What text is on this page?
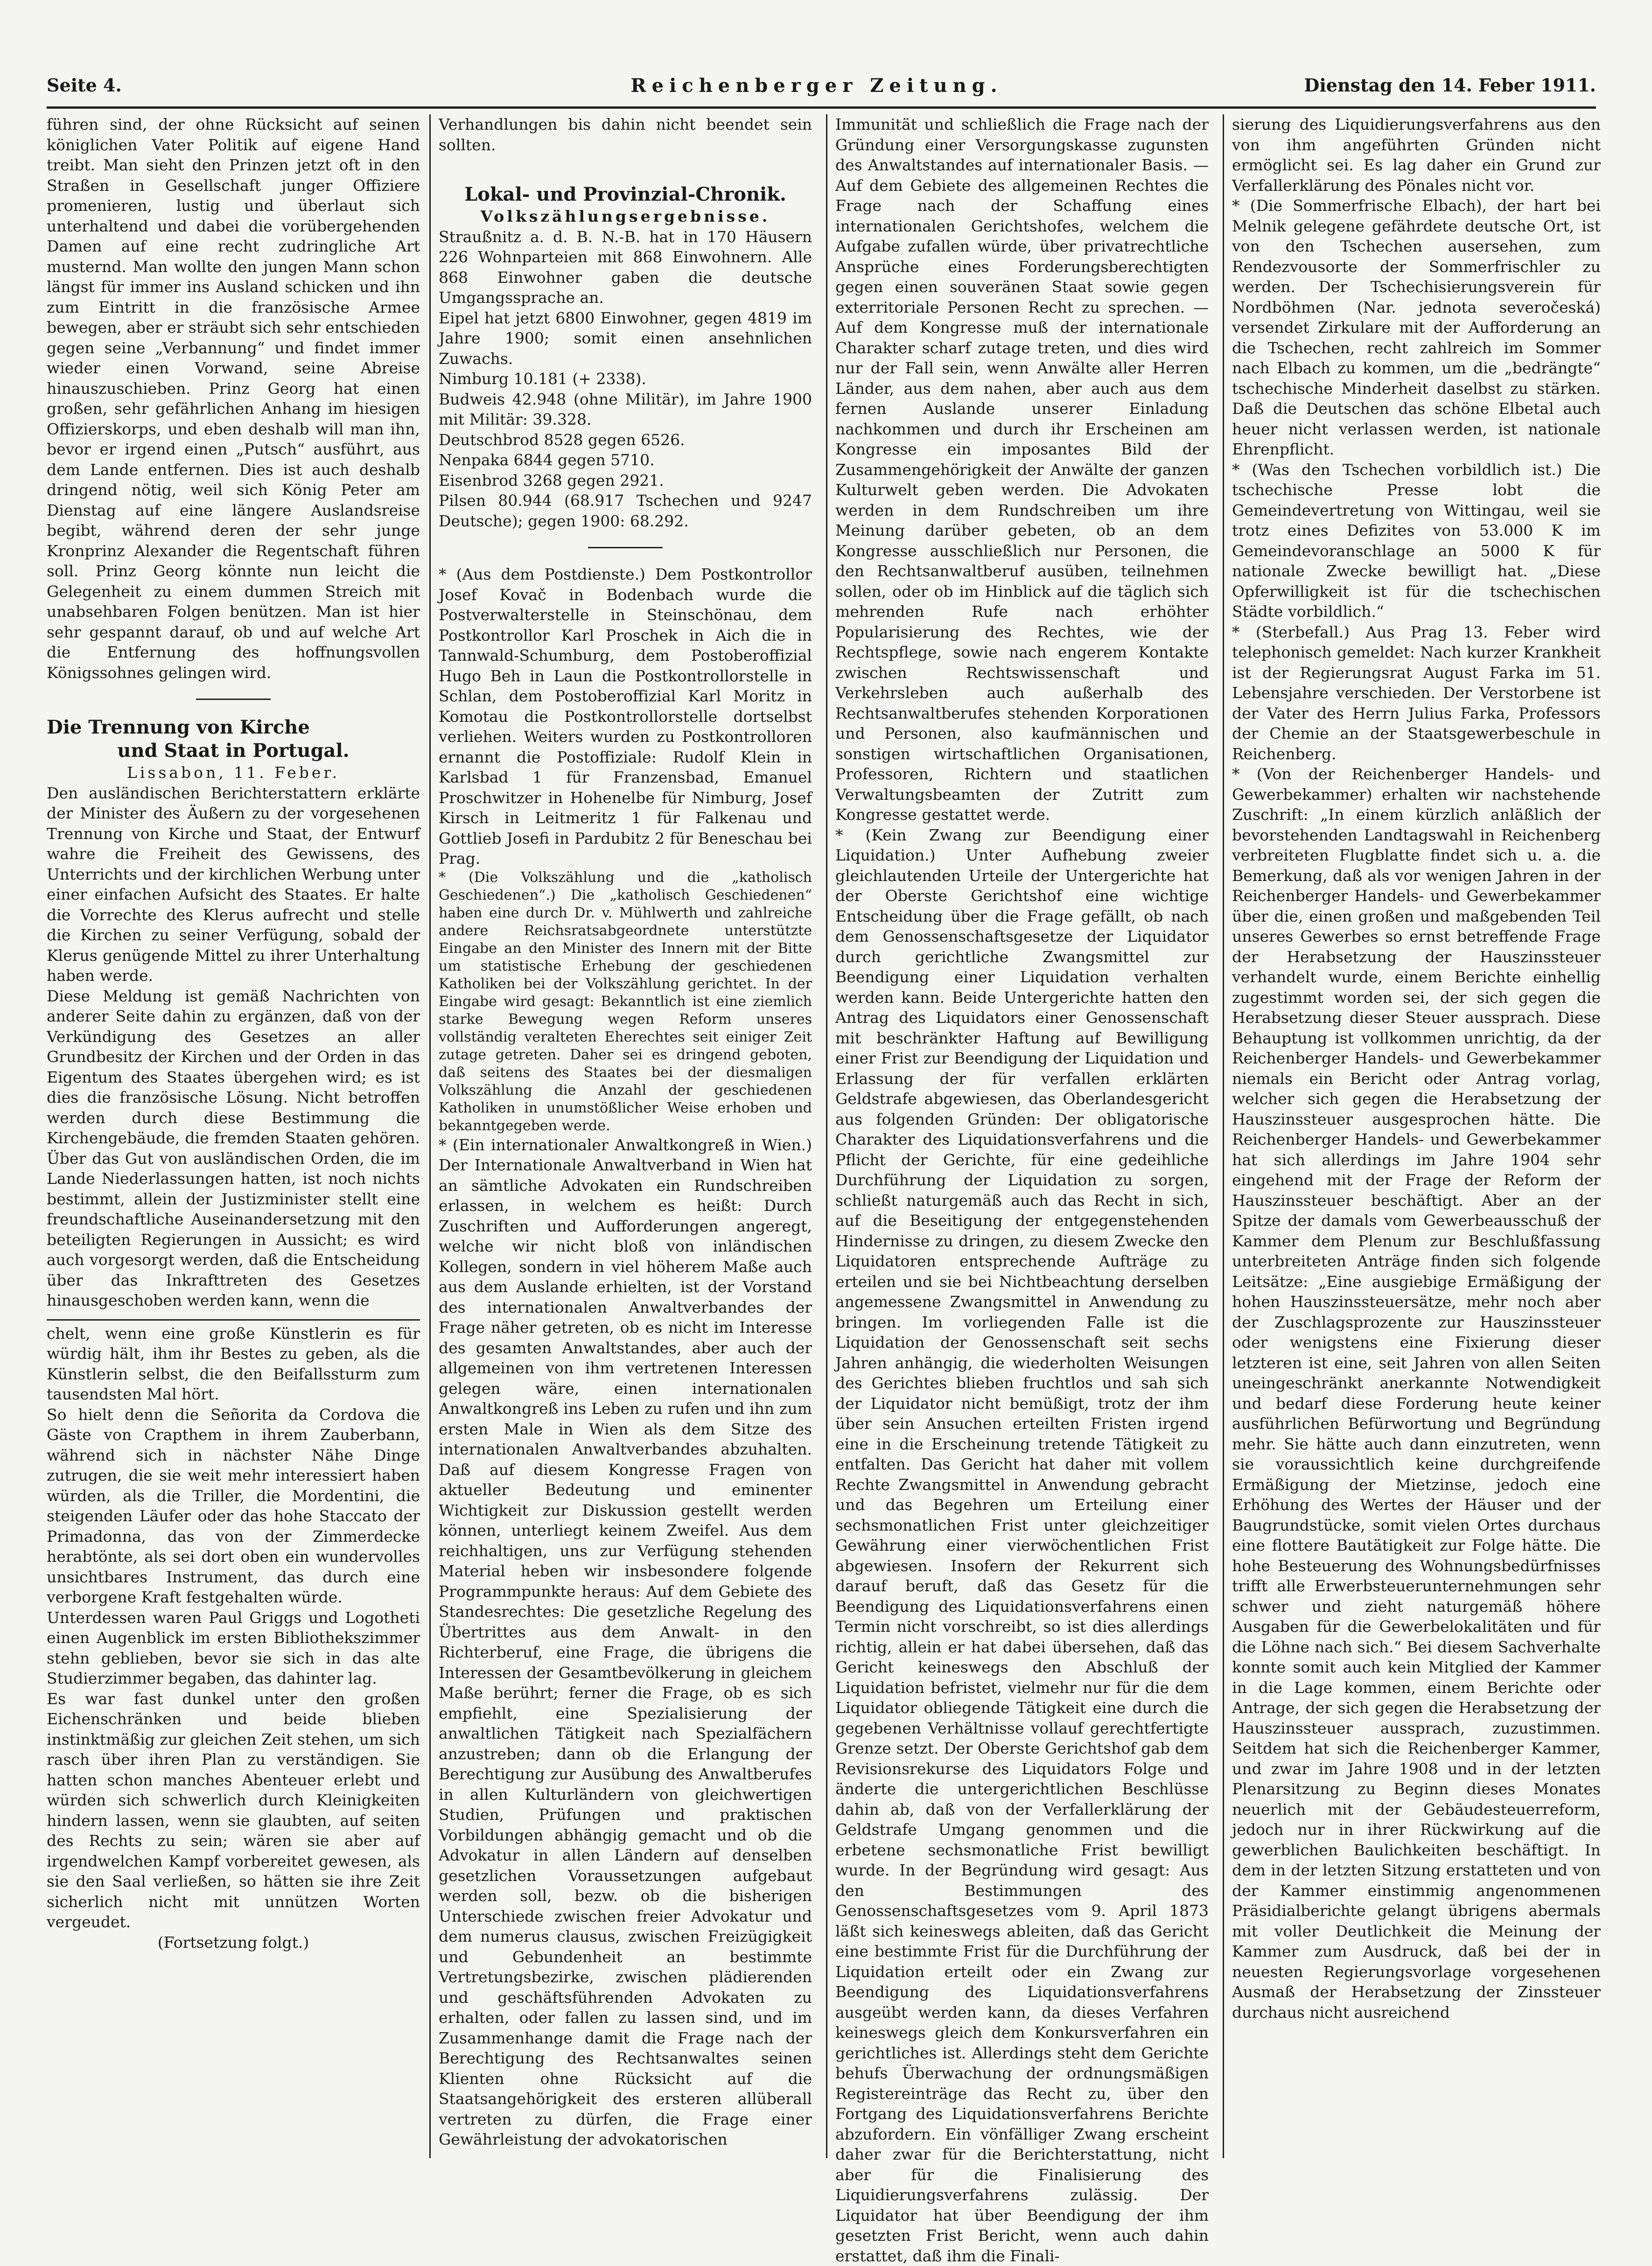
Seite 4.	Reichenberger Zeitung.	Dienstag den 14. Feber 1911.

führen sind, der ohne Rücksicht auf seinen königlichen Vater Politik auf eigene Hand treibt. Man sieht den Prinzen jetzt oft in den Straßen in Gesellschaft junger Offiziere promenieren, lustig und überlaut sich unterhaltend und dabei die vorübergehenden Damen auf eine recht zudringliche Art musternd. Man wollte den jungen Mann schon längst für immer ins Ausland schicken und ihn zum Eintritt in die französische Armee bewegen, aber er sträubt sich sehr entschieden gegen seine „Verbannung“ und findet immer wieder einen Vorwand, seine Abreise hinauszuschieben. Prinz Georg hat einen großen, sehr gefährlichen Anhang im hiesigen Offizierskorps, und eben deshalb will man ihn, bevor er irgend einen „Putsch“ ausführt, aus dem Lande entfernen. Dies ist auch deshalb dringend nötig, weil sich König Peter am Dienstag auf eine längere Auslandsreise begibt, während deren der sehr junge Kronprinz Alexander die Regentschaft führen soll. Prinz Georg könnte nun leicht die Gelegenheit zu einem dummen Streich mit unabsehbaren Folgen benützen. Man ist hier sehr gespannt darauf, ob und auf welche Art die Entfernung des hoffnungsvollen Königssohnes gelingen wird.

Die Trennung von Kirche

und Staat in Portugal.

Lissabon, 11. Feber.

Den ausländischen Berichterstattern erklärte der Minister des Äußern zu der vorgesehenen Trennung von Kirche und Staat, der Entwurf wahre die Freiheit des Gewissens, des Unterrichts und der kirchlichen Werbung unter einer einfachen Aufsicht des Staates. Er halte die Vorrechte des Klerus aufrecht und stelle die Kirchen zu seiner Verfügung, sobald der Klerus genügende Mittel zu ihrer Unterhaltung haben werde.

Diese Meldung ist gemäß Nachrichten von anderer Seite dahin zu ergänzen, daß von der Verkündigung des Gesetzes an aller Grundbesitz der Kirchen und der Orden in das Eigentum des Staates übergehen wird; es ist dies die französische Lösung. Nicht betroffen werden durch diese Bestimmung die Kirchengebäude, die fremden Staaten gehören. Über das Gut von ausländischen Orden, die im Lande Niederlassungen hatten, ist noch nichts bestimmt, allein der Justizminister stellt eine freundschaftliche Auseinandersetzung mit den beteiligten Regierungen in Aussicht; es wird auch vorgesorgt werden, daß die Entscheidung über das Inkrafttreten des Gesetzes hinausgeschoben werden kann, wenn die

chelt, wenn eine große Künstlerin es für würdig hält, ihm ihr Bestes zu geben, als die Künstlerin selbst, die den Beifallssturm zum tausendsten Mal hört.

So hielt denn die Señorita da Cordova die Gäste von Crapthem in ihrem Zauberbann, während sich in nächster Nähe Dinge zutrugen, die sie weit mehr interessiert haben würden, als die Triller, die Mordentini, die steigenden Läufer oder das hohe Staccato der Primadonna, das von der Zimmerdecke herabtönte, als sei dort oben ein wundervolles unsichtbares Instrument, das durch eine verborgene Kraft festgehalten würde.

Unterdessen waren Paul Griggs und Logotheti einen Augenblick im ersten Bibliothekszimmer stehn geblieben, bevor sie sich in das alte Studierzimmer begaben, das dahinter lag.

Es war fast dunkel unter den großen Eichenschränken und beide blieben instinktmäßig zur gleichen Zeit stehen, um sich rasch über ihren Plan zu verständigen. Sie hatten schon manches Abenteuer erlebt und würden sich schwerlich durch Kleinigkeiten hindern lassen, wenn sie glaubten, auf seiten des Rechts zu sein; wären sie aber auf irgendwelchen Kampf vorbereitet gewesen, als sie den Saal verließen, so hätten sie ihre Zeit sicherlich nicht mit unnützen Worten vergeudet.

(Fortsetzung folgt.)

Verhandlungen bis dahin nicht beendet sein sollten.

Lokal- und Provinzial-Chronik.

Volkszählungsergebnisse.

Straußnitz a. d. B. N.-B. hat in 170 Häusern 226 Wohnparteien mit 868 Einwohnern. Alle 868 Einwohner gaben die deutsche Umgangssprache an.

Eipel hat jetzt 6800 Einwohner, gegen 4819 im Jahre 1900; somit einen ansehnlichen Zuwachs.

Nimburg 10.181 (+ 2338).

Budweis 42.948 (ohne Militär), im Jahre 1900 mit Militär: 39.328.

Deutschbrod 8528 gegen 6526.

Nenpaka 6844 gegen 5710.

Eisenbrod 3268 gegen 2921.

Pilsen 80.944 (68.917 Tschechen und 9247 Deutsche); gegen 1900: 68.292.

* (Aus dem Postdienste.) Dem Postkontrollor Josef Kovač in Bodenbach wurde die Postverwalterstelle in Steinschönau, dem Postkontrollor Karl Proschek in Aich die in Tannwald-Schumburg, dem Postoberoffizial Hugo Beh in Laun die Postkontrollorstelle in Schlan, dem Postoberoffizial Karl Moritz in Komotau die Postkontrollorstelle dortselbst verliehen. Weiters wurden zu Postkontrolloren ernannt die Postoffiziale: Rudolf Klein in Karlsbad 1 für Franzensbad, Emanuel Proschwitzer in Hohenelbe für Nimburg, Josef Kirsch in Leitmeritz 1 für Falkenau und Gottlieb Josefi in Pardubitz 2 für Beneschau bei Prag.

* (Die Volkszählung und die „katholisch Geschiedenen“.) Die „katholisch Geschiedenen“ haben eine durch Dr. v. Mühlwerth und zahlreiche andere Reichsratsabgeordnete unterstützte Eingabe an den Minister des Innern mit der Bitte um statistische Erhebung der geschiedenen Katholiken bei der Volkszählung gerichtet. In der Eingabe wird gesagt: Bekanntlich ist eine ziemlich starke Bewegung wegen Reform unseres vollständig veralteten Eherechtes seit einiger Zeit zutage getreten. Daher sei es dringend geboten, daß seitens des Staates bei der diesmaligen Volkszählung die Anzahl der geschiedenen Katholiken in unumstößlicher Weise erhoben und bekanntgegeben werde.

* (Ein internationaler Anwaltkongreß in Wien.) Der Internationale Anwaltverband in Wien hat an sämtliche Advokaten ein Rundschreiben erlassen, in welchem es heißt: Durch Zuschriften und Aufforderungen angeregt, welche wir nicht bloß von inländischen Kollegen, sondern in viel höherem Maße auch aus dem Auslande erhielten, ist der Vorstand des internationalen Anwaltverbandes der Frage näher getreten, ob es nicht im Interesse des gesamten Anwaltstandes, aber auch der allgemeinen von ihm vertretenen Interessen gelegen wäre, einen internationalen Anwaltkongreß ins Leben zu rufen und ihn zum ersten Male in Wien als dem Sitze des internationalen Anwaltverbandes abzuhalten. Daß auf diesem Kongresse Fragen von aktueller Bedeutung und eminenter Wichtigkeit zur Diskussion gestellt werden können, unterliegt keinem Zweifel. Aus dem reichhaltigen, uns zur Verfügung stehenden Material heben wir insbesondere folgende Programmpunkte heraus: Auf dem Gebiete des Standesrechtes: Die gesetzliche Regelung des Übertrittes aus dem Anwalt- in den Richterberuf, eine Frage, die übrigens die Interessen der Gesamtbevölkerung in gleichem Maße berührt; ferner die Frage, ob es sich empfiehlt, eine Spezialisierung der anwaltlichen Tätigkeit nach Spezialfächern anzustreben; dann ob die Erlangung der Berechtigung zur Ausübung des Anwaltberufes in allen Kulturländern von gleichwertigen Studien, Prüfungen und praktischen Vorbildungen abhängig gemacht und ob die Advokatur in allen Ländern auf denselben gesetzlichen Voraussetzungen aufgebaut werden soll, bezw. ob die bisherigen Unterschiede zwischen freier Advokatur und dem numerus clausus, zwischen Freizügigkeit und Gebundenheit an bestimmte Vertretungsbezirke, zwischen plädierenden und geschäftsführenden Advokaten zu erhalten, oder fallen zu lassen sind, und im Zusammenhange damit die Frage nach der Berechtigung des Rechtsanwaltes seinen Klienten ohne Rücksicht auf die Staatsangehörigkeit des ersteren allüberall vertreten zu dürfen, die Frage einer Gewährleistung der advokatorischen

Immunität und schließlich die Frage nach der Gründung einer Versorgungskasse zugunsten des Anwaltstandes auf internationaler Basis. — Auf dem Gebiete des allgemeinen Rechtes die Frage nach der Schaffung eines internationalen Gerichtshofes, welchem die Aufgabe zufallen würde, über privatrechtliche Ansprüche eines Forderungsberechtigten gegen einen souveränen Staat sowie gegen exterritoriale Personen Recht zu sprechen. — Auf dem Kongresse muß der internationale Charakter scharf zutage treten, und dies wird nur der Fall sein, wenn Anwälte aller Herren Länder, aus dem nahen, aber auch aus dem fernen Auslande unserer Einladung nachkommen und durch ihr Erscheinen am Kongresse ein imposantes Bild der Zusammengehörigkeit der Anwälte der ganzen Kulturwelt geben werden. Die Advokaten werden in dem Rundschreiben um ihre Meinung darüber gebeten, ob an dem Kongresse ausschließlich nur Personen, die den Rechtsanwaltberuf ausüben, teilnehmen sollen, oder ob im Hinblick auf die täglich sich mehrenden Rufe nach erhöhter Popularisierung des Rechtes, wie der Rechtspflege, sowie nach engerem Kontakte zwischen Rechtswissenschaft und Verkehrsleben auch außerhalb des Rechtsanwaltberufes stehenden Korporationen und Personen, also kaufmännischen und sonstigen wirtschaftlichen Organisationen, Professoren, Richtern und staatlichen Verwaltungsbeamten der Zutritt zum Kongresse gestattet werde.

* (Kein Zwang zur Beendigung einer Liquidation.) Unter Aufhebung zweier gleichlautenden Urteile der Untergerichte hat der Oberste Gerichtshof eine wichtige Entscheidung über die Frage gefällt, ob nach dem Genossenschaftsgesetze der Liquidator durch gerichtliche Zwangsmittel zur Beendigung einer Liquidation verhalten werden kann. Beide Untergerichte hatten den Antrag des Liquidators einer Genossenschaft mit beschränkter Haftung auf Bewilligung einer Frist zur Beendigung der Liquidation und Erlassung der für verfallen erklärten Geldstrafe abgewiesen, das Oberlandesgericht aus folgenden Gründen: Der obligatorische Charakter des Liquidationsverfahrens und die Pflicht der Gerichte, für eine gedeihliche Durchführung der Liquidation zu sorgen, schließt naturgemäß auch das Recht in sich, auf die Beseitigung der entgegenstehenden Hindernisse zu dringen, zu diesem Zwecke den Liquidatoren entsprechende Aufträge zu erteilen und sie bei Nichtbeachtung derselben angemessene Zwangsmittel in Anwendung zu bringen. Im vorliegenden Falle ist die Liquidation der Genossenschaft seit sechs Jahren anhängig, die wiederholten Weisungen des Gerichtes blieben fruchtlos und sah sich der Liquidator nicht bemüßigt, trotz der ihm über sein Ansuchen erteilten Fristen irgend eine in die Erscheinung tretende Tätigkeit zu entfalten. Das Gericht hat daher mit vollem Rechte Zwangsmittel in Anwendung gebracht und das Begehren um Erteilung einer sechsmonatlichen Frist unter gleichzeitiger Gewährung einer vierwöchentlichen Frist abgewiesen. Insofern der Rekurrent sich darauf beruft, daß das Gesetz für die Beendigung des Liquidationsverfahrens einen Termin nicht vorschreibt, so ist dies allerdings richtig, allein er hat dabei übersehen, daß das Gericht keineswegs den Abschluß der Liquidation befristet, vielmehr nur für die dem Liquidator obliegende Tätigkeit eine durch die gegebenen Verhältnisse vollauf gerechtfertigte Grenze setzt. Der Oberste Gerichtshof gab dem Revisionsrekurse des Liquidators Folge und änderte die untergerichtlichen Beschlüsse dahin ab, daß von der Verfallerklärung der Geldstrafe Umgang genommen und die erbetene sechsmonatliche Frist bewilligt wurde. In der Begründung wird gesagt: Aus den Bestimmungen des Genossenschaftsgesetzes vom 9. April 1873 läßt sich keineswegs ableiten, daß das Gericht eine bestimmte Frist für die Durchführung der Liquidation erteilt oder ein Zwang zur Beendigung des Liquidationsverfahrens ausgeübt werden kann, da dieses Verfahren keineswegs gleich dem Konkursverfahren ein gerichtliches ist. Allerdings steht dem Gerichte behufs Überwachung der ordnungsmäßigen Registereinträge das Recht zu, über den Fortgang des Liquidationsverfahrens Berichte abzufordern. Ein vönfälliger Zwang erscheint daher zwar für die Berichterstattung, nicht aber für die Finalisierung des Liquidierungsverfahrens zulässig. Der Liquidator hat über Beendigung der ihm gesetzten Frist Bericht, wenn auch dahin erstattet, daß ihm die Finali-

sierung des Liquidierungsverfahrens aus den von ihm angeführten Gründen nicht ermöglicht sei. Es lag daher ein Grund zur Verfallerklärung des Pönales nicht vor.

* (Die Sommerfrische Elbach), der hart bei Melnik gelegene gefährdete deutsche Ort, ist von den Tschechen ausersehen, zum Rendezvousorte der Sommerfrischler zu werden. Der Tschechisierungsverein für Nordböhmen (Nar. jednota severočeská) versendet Zirkulare mit der Aufforderung an die Tschechen, recht zahlreich im Sommer nach Elbach zu kommen, um die „bedrängte“ tschechische Minderheit daselbst zu stärken. Daß die Deutschen das schöne Elbetal auch heuer nicht verlassen werden, ist nationale Ehrenpflicht.

* (Was den Tschechen vorbildlich ist.) Die tschechische Presse lobt die Gemeindevertretung von Wittingau, weil sie trotz eines Defizites von 53.000 K im Gemeindevoranschlage an 5000 K für nationale Zwecke bewilligt hat. „Diese Opferwilligkeit ist für die tschechischen Städte vorbildlich.“

* (Sterbefall.) Aus Prag 13. Feber wird telephonisch gemeldet: Nach kurzer Krankheit ist der Regierungsrat August Farka im 51. Lebensjahre verschieden. Der Verstorbene ist der Vater des Herrn Julius Farka, Professors der Chemie an der Staatsgewerbeschule in Reichenberg.

* (Von der Reichenberger Handels- und Gewerbekammer) erhalten wir nachstehende Zuschrift: „In einem kürzlich anläßlich der bevorstehenden Landtagswahl in Reichenberg verbreiteten Flugblatte findet sich u. a. die Bemerkung, daß als vor wenigen Jahren in der Reichenberger Handels- und Gewerbekammer über die, einen großen und maßgebenden Teil unseres Gewerbes so ernst betreffende Frage der Herabsetzung der Hauszinssteuer verhandelt wurde, einem Berichte einhellig zugestimmt worden sei, der sich gegen die Herabsetzung dieser Steuer aussprach. Diese Behauptung ist vollkommen unrichtig, da der Reichenberger Handels- und Gewerbekammer niemals ein Bericht oder Antrag vorlag, welcher sich gegen die Herabsetzung der Hauszinssteuer ausgesprochen hätte. Die Reichenberger Handels- und Gewerbekammer hat sich allerdings im Jahre 1904 sehr eingehend mit der Frage der Reform der Hauszinssteuer beschäftigt. Aber an der Spitze der damals vom Gewerbeausschuß der Kammer dem Plenum zur Beschlußfassung unterbreiteten Anträge finden sich folgende Leitsätze: „Eine ausgiebige Ermäßigung der hohen Hauszinssteuersätze, mehr noch aber der Zuschlagsprozente zur Hauszinssteuer oder wenigstens eine Fixierung dieser letzteren ist eine, seit Jahren von allen Seiten uneingeschränkt anerkannte Notwendigkeit und bedarf diese Forderung heute keiner ausführlichen Befürwortung und Begründung mehr. Sie hätte auch dann einzutreten, wenn sie voraussichtlich keine durchgreifende Ermäßigung der Mietzinse, jedoch eine Erhöhung des Wertes der Häuser und der Baugrundstücke, somit vielen Ortes durchaus eine flottere Bautätigkeit zur Folge hätte. Die hohe Besteuerung des Wohnungsbedürfnisses trifft alle Erwerbsteuerunternehmungen sehr schwer und zieht naturgemäß höhere Ausgaben für die Gewerbelokalitäten und für die Löhne nach sich.“ Bei diesem Sachverhalte konnte somit auch kein Mitglied der Kammer in die Lage kommen, einem Berichte oder Antrage, der sich gegen die Herabsetzung der Hauszinssteuer aussprach, zuzustimmen. Seitdem hat sich die Reichenberger Kammer, und zwar im Jahre 1908 und in der letzten Plenarsitzung zu Beginn dieses Monates neuerlich mit der Gebäudesteuerreform, jedoch nur in ihrer Rückwirkung auf die gewerblichen Baulichkeiten beschäftigt. In dem in der letzten Sitzung erstatteten und von der Kammer einstimmig angenommenen Präsidialberichte gelangt übrigens abermals mit voller Deutlichkeit die Meinung der Kammer zum Ausdruck, daß bei der in neuesten Regierungsvorlage vorgesehenen Ausmaß der Herabsetzung der Zinssteuer durchaus nicht ausreichend
